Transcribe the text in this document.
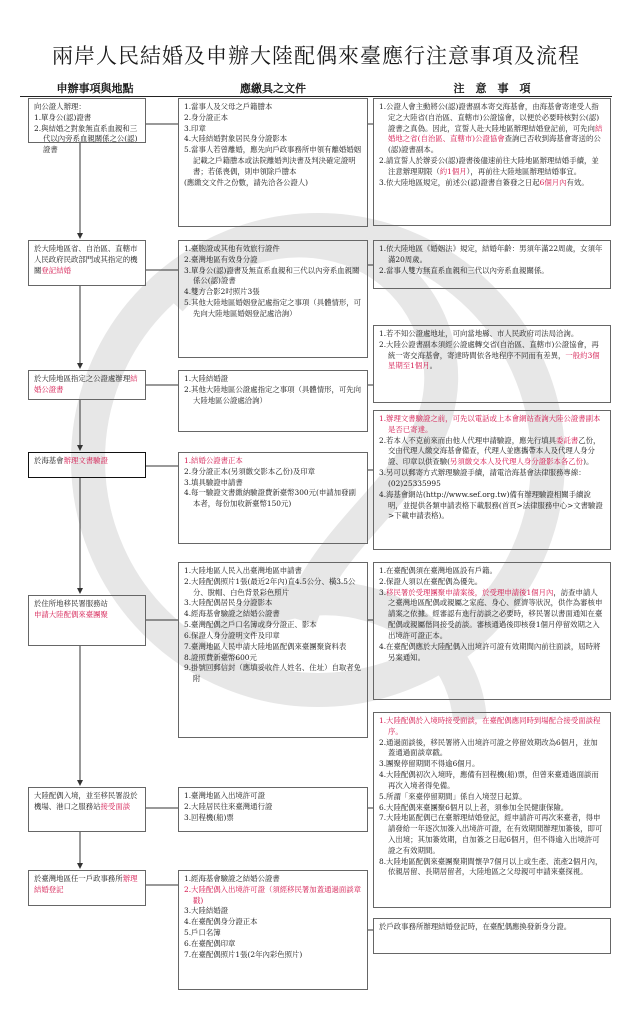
兩岸人民結婚及申辦大陸配偶來臺應行注意事項及流程
申辦事項與地點	應繳具之文件	注　意　事　項
向公證人辦理：
1.單身公(認)證書
2.與結婚之對象無直系血親和三代以內旁系血親關係之公(認)證書
於大陸地區省、自治區、直轄市人民政府民政部門或其指定的機關登記結婚
於大陸地區指定之公證處辦理結婚公證書
於海基會辦理文書驗證
於住所地移民署服務站
申請大陸配偶來臺團聚
大陸配偶入境，並至移民署設於機場、港口之服務站接受面談
於臺灣地區任一戶政事務所辦理結婚登記
1.當事人及父母之戶籍謄本
2.身分證正本
3.印章
4.大陸結婚對象居民身分證影本
5.當事人若曾離婚，應先向戶政事務所申領有離婚婚姻記載之戶籍謄本或法院離婚判決書及判決確定證明書；若係喪偶，則申領除戶謄本
(應繳交文件之份數，請先洽各公證人)
1.臺胞證或其他有效旅行證件
2.臺灣地區有效身分證
3.單身公(認)證書及無直系血親和三代以內旁系血親關係公(認)證書
4.雙方合影2吋照片3張
5.其他大陸地區婚姻登記處指定之事項（具體情形，可先向大陸地區婚姻登記處洽詢）
1.大陸結婚證
2.其他大陸地區公證處指定之事項（具體情形，可先向大陸地區公證處洽詢）
1.結婚公證書正本
2.身分證正本(另須繳交影本乙份)及印章
3.填具驗證申請書
4.每一驗證文書繳納驗證費新臺幣300元(申請加發副本者，每份加收新臺幣150元)
1.大陸地區人民入出臺灣地區申請書
2.大陸配偶照片1張(最近2年內)直4.5公分、橫3.5公分、脫帽、白色背景彩色照片
3.大陸配偶居民身分證影本
4.經海基會驗證之結婚公證書
5.臺灣配偶之戶口名簿或身分證正、影本
6.保證人身分證明文件及印章
7.臺灣地區人民申請大陸地區配偶來臺團聚資料表
8.證照費新臺幣600元
9.掛號回郵信封（應填妥收件人姓名、住址）自取者免附
1.臺灣地區入出境許可證
2.大陸居民往來臺灣通行證
3.回程機(船)票
1.經海基會驗證之結婚公證書
2.大陸配偶入出境許可證（須經移民署加蓋通過面談章戳)
3.大陸結婚證
4.在臺配偶身分證正本
5.戶口名簿
6.在臺配偶印章
7.在臺配偶照片1張(2年內彩色照片)
1.公證人會主動將公(認)證書副本寄交海基會，由海基會寄達受人指定之大陸省(自治區、直轄市)公證協會，以便於必要時核對公(認)證書之真偽。因此，宣誓人赴大陸地區辦理結婚登記前，可先向結婚地之省(自治區、直轄市)公證協會查詢已否收到海基會寄送的公(認)證書副本。
2.請宣誓人於辦妥公(認)證書後儘速前往大陸地區辦理結婚手續，並注意辦理期限（約1個月），再前往大陸地區辦理結婚事宜。
3.依大陸地區規定，前述公(認)證書自簽發之日起6個月內有效。
1.依大陸地區《婚姻法》規定，結婚年齡：男須年滿22周歲，女須年滿20周歲。
2.當事人雙方無直系血親和三代以內旁系血親關係。
1.若不知公證處地址，可向當地縣、市人民政府司法局洽詢。
2.大陸公證書副本須經公證處轉交省(自治區、直轄市)公證協會，再統一寄交海基會，寄達時間依各地程序不同而有差異，一般約3個星期至1個月。
1.辦理文書驗證之前，可先以電話或上本會網站查詢大陸公證書副本是否已寄達。
2.若本人不克前來而由他人代理申請驗證，應先行填具委託書乙份，交由代理人繳交海基會備查，代理人並應攜帶本人及代理人身分證、印章以供查驗(另須繳交本人及代理人身分證影本各乙份)。
3.另可以郵寄方式辦理驗證手續，請電洽海基會法律服務專線：(02)25335995
4.海基會網站(http://www.sef.org.tw)備有辦理驗證相關手續說明，並提供各類申請表格下載服務(首頁>法律服務中心>文書驗證>下載申請表格)。
1.在臺配偶須在臺灣地區設有戶籍。
2.保證人須以在臺配偶為優先。
3.移民署於受理團聚申請案後，於受理申請後1個月內，訪查申請人之臺灣地區配偶或親屬之家庭、身心、經濟等狀況，供作為審核申請案之依據。經審認有進行訪談之必要時，移民署以書面通知在臺配偶或親屬偕同接受訪談。審核通過後即核發1個月停留效期之入出境許可證正本。
4.在臺配偶應於大陸配偶入出境許可證有效期間內前往面談，屆時將另案通知。
1.大陸配偶於入境時接受面談，在臺配偶應同時到場配合接受面談程序。
2.通過面談後，移民署將入出境許可證之停留效期改為6個月，並加蓋通過面談章戳。
3.團聚停留期間不得逾6個月。
4.大陸配偶初次入境時，應備有回程機(船)票，但曾來臺通過面談而再次入境者得免備。
5.所謂「來臺停留期間」係自入境翌日起算。
6.大陸配偶來臺團聚6個月以上者，須參加全民健康保險。
7.大陸地區配偶已在臺辦理結婚登記，經申請許可再次來臺者，得申請發給一年逐次加簽入出境許可證，在有效期間辦理加簽後，即可入出境；其加簽效期，自加簽之日起6個月，但不得逾入出境許可證之有效期間。
8.大陸地區配偶來臺團聚期間懷孕7個月以上或生產、流產2個月內，依親居留、長期居留者，大陸地區之父母親可申請來臺探視。
於戶政事務所辦理結婚登記時，在臺配偶應換發新身分證。
